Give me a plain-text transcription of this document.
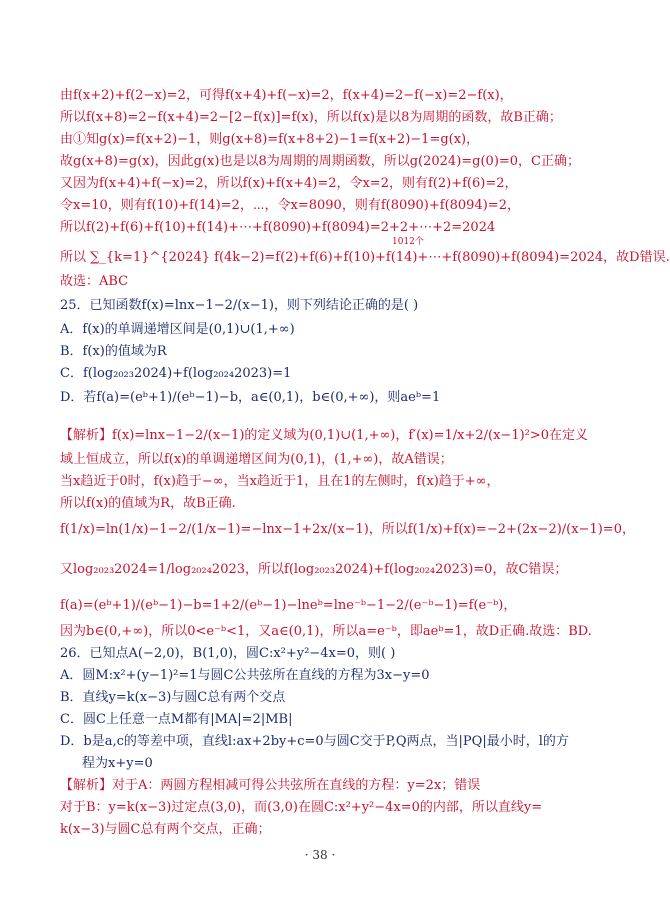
由f(x+2)+f(2−x)=2，可得f(x+4)+f(−x)=2，f(x+4)=2−f(−x)=2−f(x)，
所以f(x+8)=2−f(x+4)=2−[2−f(x)]=f(x)，所以f(x)是以8为周期的函数，故B正确；
由①知g(x)=f(x+2)−1，则g(x+8)=f(x+8+2)−1=f(x+2)−1=g(x)，
故g(x+8)=g(x)，因此g(x)也是以8为周期的周期函数，所以g(2024)=g(0)=0，C正确；
又因为f(x+4)+f(−x)=2，所以f(x)+f(x+4)=2，令x=2，则有f(2)+f(6)=2，
令x=10，则有f(10)+f(14)=2，⋯，令x=8090，则有f(8090)+f(8094)=2，
所以f(2)+f(6)+f(10)+f(14)+⋯+f(8090)+f(8094)=2+2+⋯+2=2024
1012个
所以 ∑_{k=1}^{2024} f(4k−2)=f(2)+f(6)+f(10)+f(14)+⋯+f(8090)+f(8094)=2024，故D错误.
故选：ABC
25．已知函数f(x)=lnx−1−2/(x−1)，则下列结论正确的是( )
A．f(x)的单调递增区间是(0,1)∪(1,+∞)
B．f(x)的值域为R
C．f(log₂₀₂₃2024)+f(log₂₀₂₄2023)=1
D．若f(a)=(eᵇ+1)/(eᵇ−1)−b，a∈(0,1)，b∈(0,+∞)，则aeᵇ=1
【解析】f(x)=lnx−1−2/(x−1)的定义域为(0,1)∪(1,+∞)，f′(x)=1/x+2/(x−1)²>0在定义
域上恒成立，所以f(x)的单调递增区间为(0,1)，(1,+∞)，故A错误；
当x趋近于0时，f(x)趋于−∞，当x趋近于1，且在1的左侧时，f(x)趋于+∞，
所以f(x)的值域为R，故B正确.
f(1/x)=ln(1/x)−1−2/(1/x−1)=−lnx−1+2x/(x−1)，所以f(1/x)+f(x)=−2+(2x−2)/(x−1)=0，
又log₂₀₂₃2024=1/log₂₀₂₄2023，所以f(log₂₀₂₃2024)+f(log₂₀₂₄2023)=0，故C错误；
f(a)=(eᵇ+1)/(eᵇ−1)−b=1+2/(eᵇ−1)−lneᵇ=lne⁻ᵇ−1−2/(e⁻ᵇ−1)=f(e⁻ᵇ)，
因为b∈(0,+∞)，所以0<e⁻ᵇ<1，又a∈(0,1)，所以a=e⁻ᵇ，即aeᵇ=1，故D正确.故选：BD.
26．已知点A(−2,0)，B(1,0)，圆C:x²+y²−4x=0，则( )
A．圆M:x²+(y−1)²=1与圆C公共弦所在直线的方程为3x−y=0
B．直线y=k(x−3)与圆C总有两个交点
C．圆C上任意一点M都有|MA|=2|MB|
D．b是a,c的等差中项，直线l:ax+2by+c=0与圆C交于P,Q两点，当|PQ|最小时，l的方
程为x+y=0
【解析】对于A：两圆方程相减可得公共弦所在直线的方程：y=2x；错误
对于B：y=k(x−3)过定点(3,0)，而(3,0)在圆C:x²+y²−4x=0的内部，所以直线y=
k(x−3)与圆C总有两个交点，正确；
· 38 ·
